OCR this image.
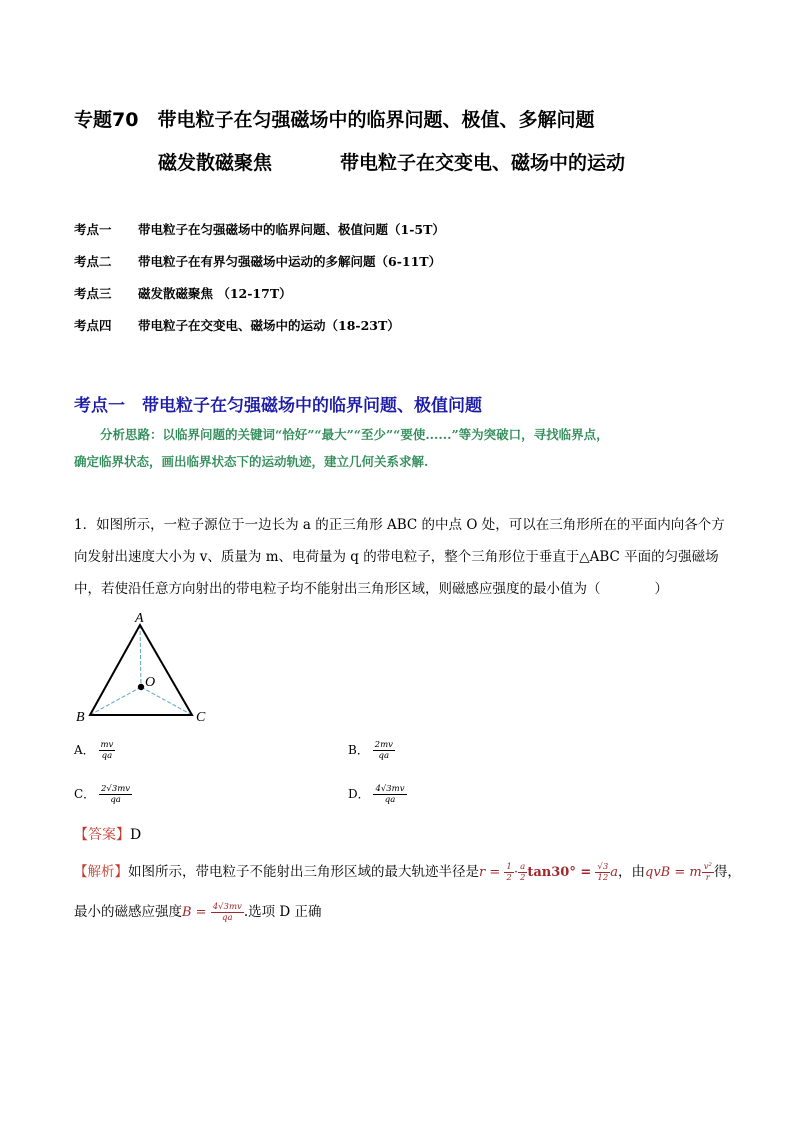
专题70　带电粒子在匀强磁场中的临界问题、极值、多解问题
磁发散磁聚焦	带电粒子在交变电、磁场中的运动
考点一 带电粒子在匀强磁场中的临界问题、极值问题（1-5T）
考点二 带电粒子在有界匀强磁场中运动的多解问题（6-11T）
考点三 磁发散磁聚焦 （12-17T）
考点四 带电粒子在交变电、磁场中的运动（18-23T）
考点一　带电粒子在匀强磁场中的临界问题、极值问题
分析思路：以临界问题的关键词“恰好”“最大”“至少”“要使......”等为突破口，寻找临界点，
确定临界状态，画出临界状态下的运动轨迹，建立几何关系求解.
1．如图所示，一粒子源位于一边长为 a 的正三角形 ABC 的中点 O 处，可以在三角形所在的平面内向各个方
向发射出速度大小为 v、质量为 m、电荷量为 q 的带电粒子，整个三角形位于垂直于△ABC 平面的匀强磁场
中，若使沿任意方向射出的带电粒子均不能射出三角形区域，则磁感应强度的最小值为（　　　　）
A
B	C
O
A． $\frac{mv}{qa}$	B． $\frac{2mv}{qa}$
C． $\frac{2√3mv}{qa}$	D． $\frac{4√3mv}{qa}$
【答案】D
【解析】如图所示，带电粒子不能射出三角形区域的最大轨迹半径是$r = \frac{1}{2} \cdot \frac{a}{2} \tan 30^\circ = \frac{√3}{12}$ a，由qvB = m $\frac{\text{v²}}{r}$ 得，
最小的磁感应强度$B = \frac{4√3mv}{qa}$ .选项 D 正确
